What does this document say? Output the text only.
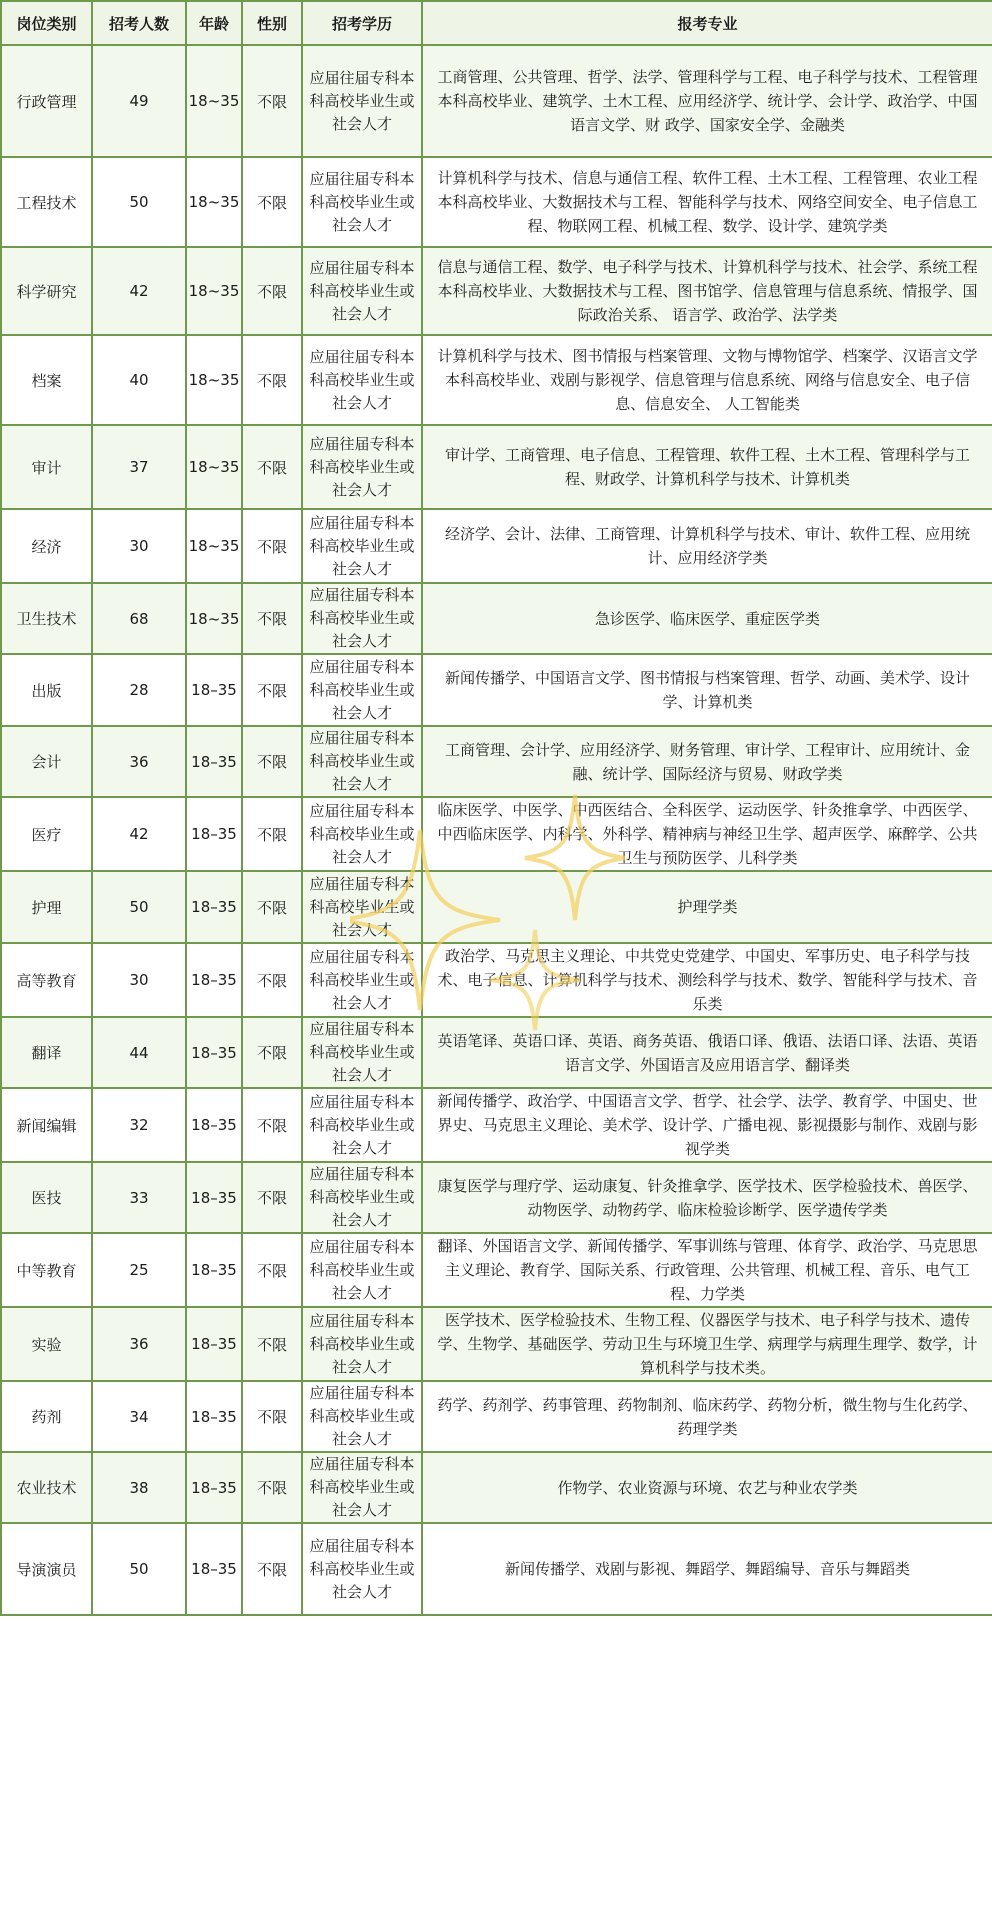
岗位类别	招考人数	年龄	性别	招考学历	报考专业
行政管理	49	18~35	不限	应届往届专科本科高校毕业生或社会人才	工商管理、公共管理、哲学、法学、管理科学与工程、电子科学与技术、工程管理本科高校毕业、建筑学、土木工程、应用经济学、统计学、会计学、政治学、中国语言文学、财 政学、国家安全学、金融类
工程技术	50	18~35	不限	应届往届专科本科高校毕业生或社会人才	计算机科学与技术、信息与通信工程、软件工程、土木工程、工程管理、农业工程本科高校毕业、大数据技术与工程、智能科学与技术、网络空间安全、电子信息工程、物联网工程、机械工程、数学、设计学、建筑学类
科学研究	42	18~35	不限	应届往届专科本科高校毕业生或社会人才	信息与通信工程、数学、电子科学与技术、计算机科学与技术、社会学、系统工程本科高校毕业、大数据技术与工程、图书馆学、信息管理与信息系统、情报学、国际政治关系、 语言学、政治学、法学类
档案	40	18~35	不限	应届往届专科本科高校毕业生或社会人才	计算机科学与技术、图书情报与档案管理、文物与博物馆学、档案学、汉语言文学本科高校毕业、戏剧与影视学、信息管理与信息系统、网络与信息安全、电子信息、信息安全、 人工智能类
审计	37	18~35	不限	应届往届专科本科高校毕业生或社会人才	审计学、工商管理、电子信息、工程管理、软件工程、土木工程、管理科学与工程、财政学、计算机科学与技术、计算机类
经济	30	18~35	不限	应届往届专科本科高校毕业生或社会人才	经济学、会计、法律、工商管理、计算机科学与技术、审计、软件工程、应用统计、应用经济学类
卫生技术	68	18~35	不限	应届往届专科本科高校毕业生或社会人才	急诊医学、临床医学、重症医学类
出版	28	18–35	不限	应届往届专科本科高校毕业生或社会人才	新闻传播学、中国语言文学、图书情报与档案管理、哲学、动画、美术学、设计学、计算机类
会计	36	18–35	不限	应届往届专科本科高校毕业生或社会人才	工商管理、会计学、应用经济学、财务管理、审计学、工程审计、应用统计、金融、统计学、国际经济与贸易、财政学类
医疗	42	18–35	不限	应届往届专科本科高校毕业生或社会人才	临床医学、中医学、中西医结合、全科医学、运动医学、针灸推拿学、中西医学、中西临床医学、内科学、外科学、精神病与神经卫生学、超声医学、麻醉学、公共卫生与预防医学、儿科学类
护理	50	18–35	不限	应届往届专科本科高校毕业生或社会人才	护理学类
高等教育	30	18–35	不限	应届往届专科本科高校毕业生或社会人才	政治学、马克思主义理论、中共党史党建学、中国史、军事历史、电子科学与技术、电子信息、计算机科学与技术、测绘科学与技术、数学、智能科学与技术、音乐类
翻译	44	18–35	不限	应届往届专科本科高校毕业生或社会人才	英语笔译、英语口译、英语、商务英语、俄语口译、俄语、法语口译、法语、英语语言文学、外国语言及应用语言学、翻译类
新闻编辑	32	18–35	不限	应届往届专科本科高校毕业生或社会人才	新闻传播学、政治学、中国语言文学、哲学、社会学、法学、教育学、中国史、世界史、马克思主义理论、美术学、设计学、广播电视、影视摄影与制作、戏剧与影视学类
医技	33	18–35	不限	应届往届专科本科高校毕业生或社会人才	康复医学与理疗学、运动康复、针灸推拿学、医学技术、医学检验技术、兽医学、动物医学、动物药学、临床检验诊断学、医学遗传学类
中等教育	25	18–35	不限	应届往届专科本科高校毕业生或社会人才	翻译、外国语言文学、新闻传播学、军事训练与管理、体育学、政治学、马克思思主义理论、教育学、国际关系、行政管理、公共管理、机械工程、音乐、电气工程、力学类
实验	36	18–35	不限	应届往届专科本科高校毕业生或社会人才	医学技术、医学检验技术、生物工程、仪器医学与技术、电子科学与技术、遗传学、生物学、基础医学、劳动卫生与环境卫生学、病理学与病理生理学、数学，计算机科学与技术类。
药剂	34	18–35	不限	应届往届专科本科高校毕业生或社会人才	药学、药剂学、药事管理、药物制剂、临床药学、药物分析，微生物与生化药学、药理学类
农业技术	38	18–35	不限	应届往届专科本科高校毕业生或社会人才	作物学、农业资源与环境、农艺与种业农学类
导演演员	50	18–35	不限	应届往届专科本科高校毕业生或社会人才	新闻传播学、戏剧与影视、舞蹈学、舞蹈编导、音乐与舞蹈类
